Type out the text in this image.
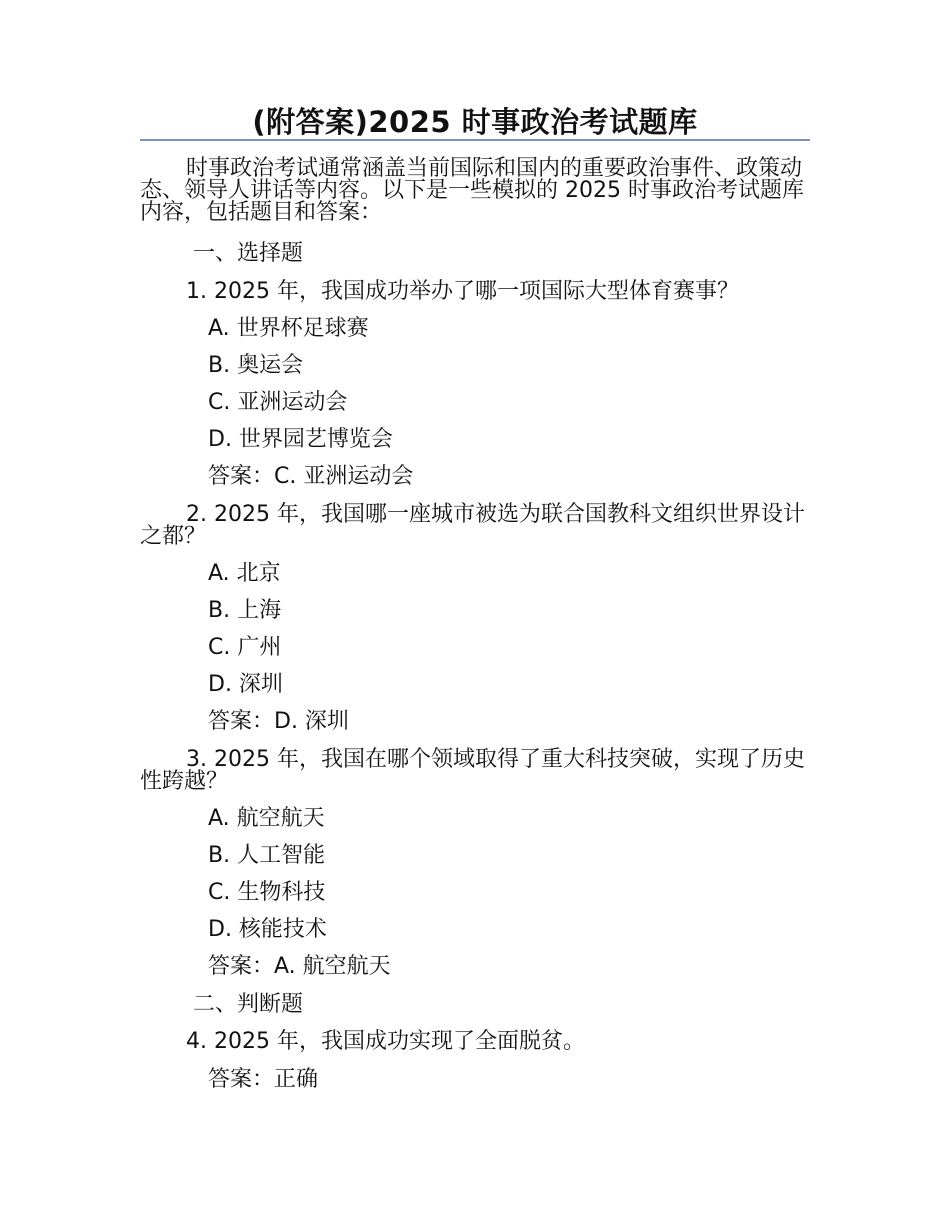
(附答案)2025 时事政治考试题库
时事政治考试通常涵盖当前国际和国内的重要政治事件、政策动态、领导人讲话等内容。以下是一些模拟的 2025 时事政治考试题库内容，包括题目和答案：
一、选择题
1. 2025 年，我国成功举办了哪一项国际大型体育赛事？
A. 世界杯足球赛
B. 奥运会
C. 亚洲运动会
D. 世界园艺博览会
答案：C. 亚洲运动会
2. 2025 年，我国哪一座城市被选为联合国教科文组织世界设计之都？
A. 北京
B. 上海
C. 广州
D. 深圳
答案：D. 深圳
3. 2025 年，我国在哪个领域取得了重大科技突破，实现了历史性跨越？
A. 航空航天
B. 人工智能
C. 生物科技
D. 核能技术
答案：A. 航空航天
二、判断题
4. 2025 年，我国成功实现了全面脱贫。
答案：正确
